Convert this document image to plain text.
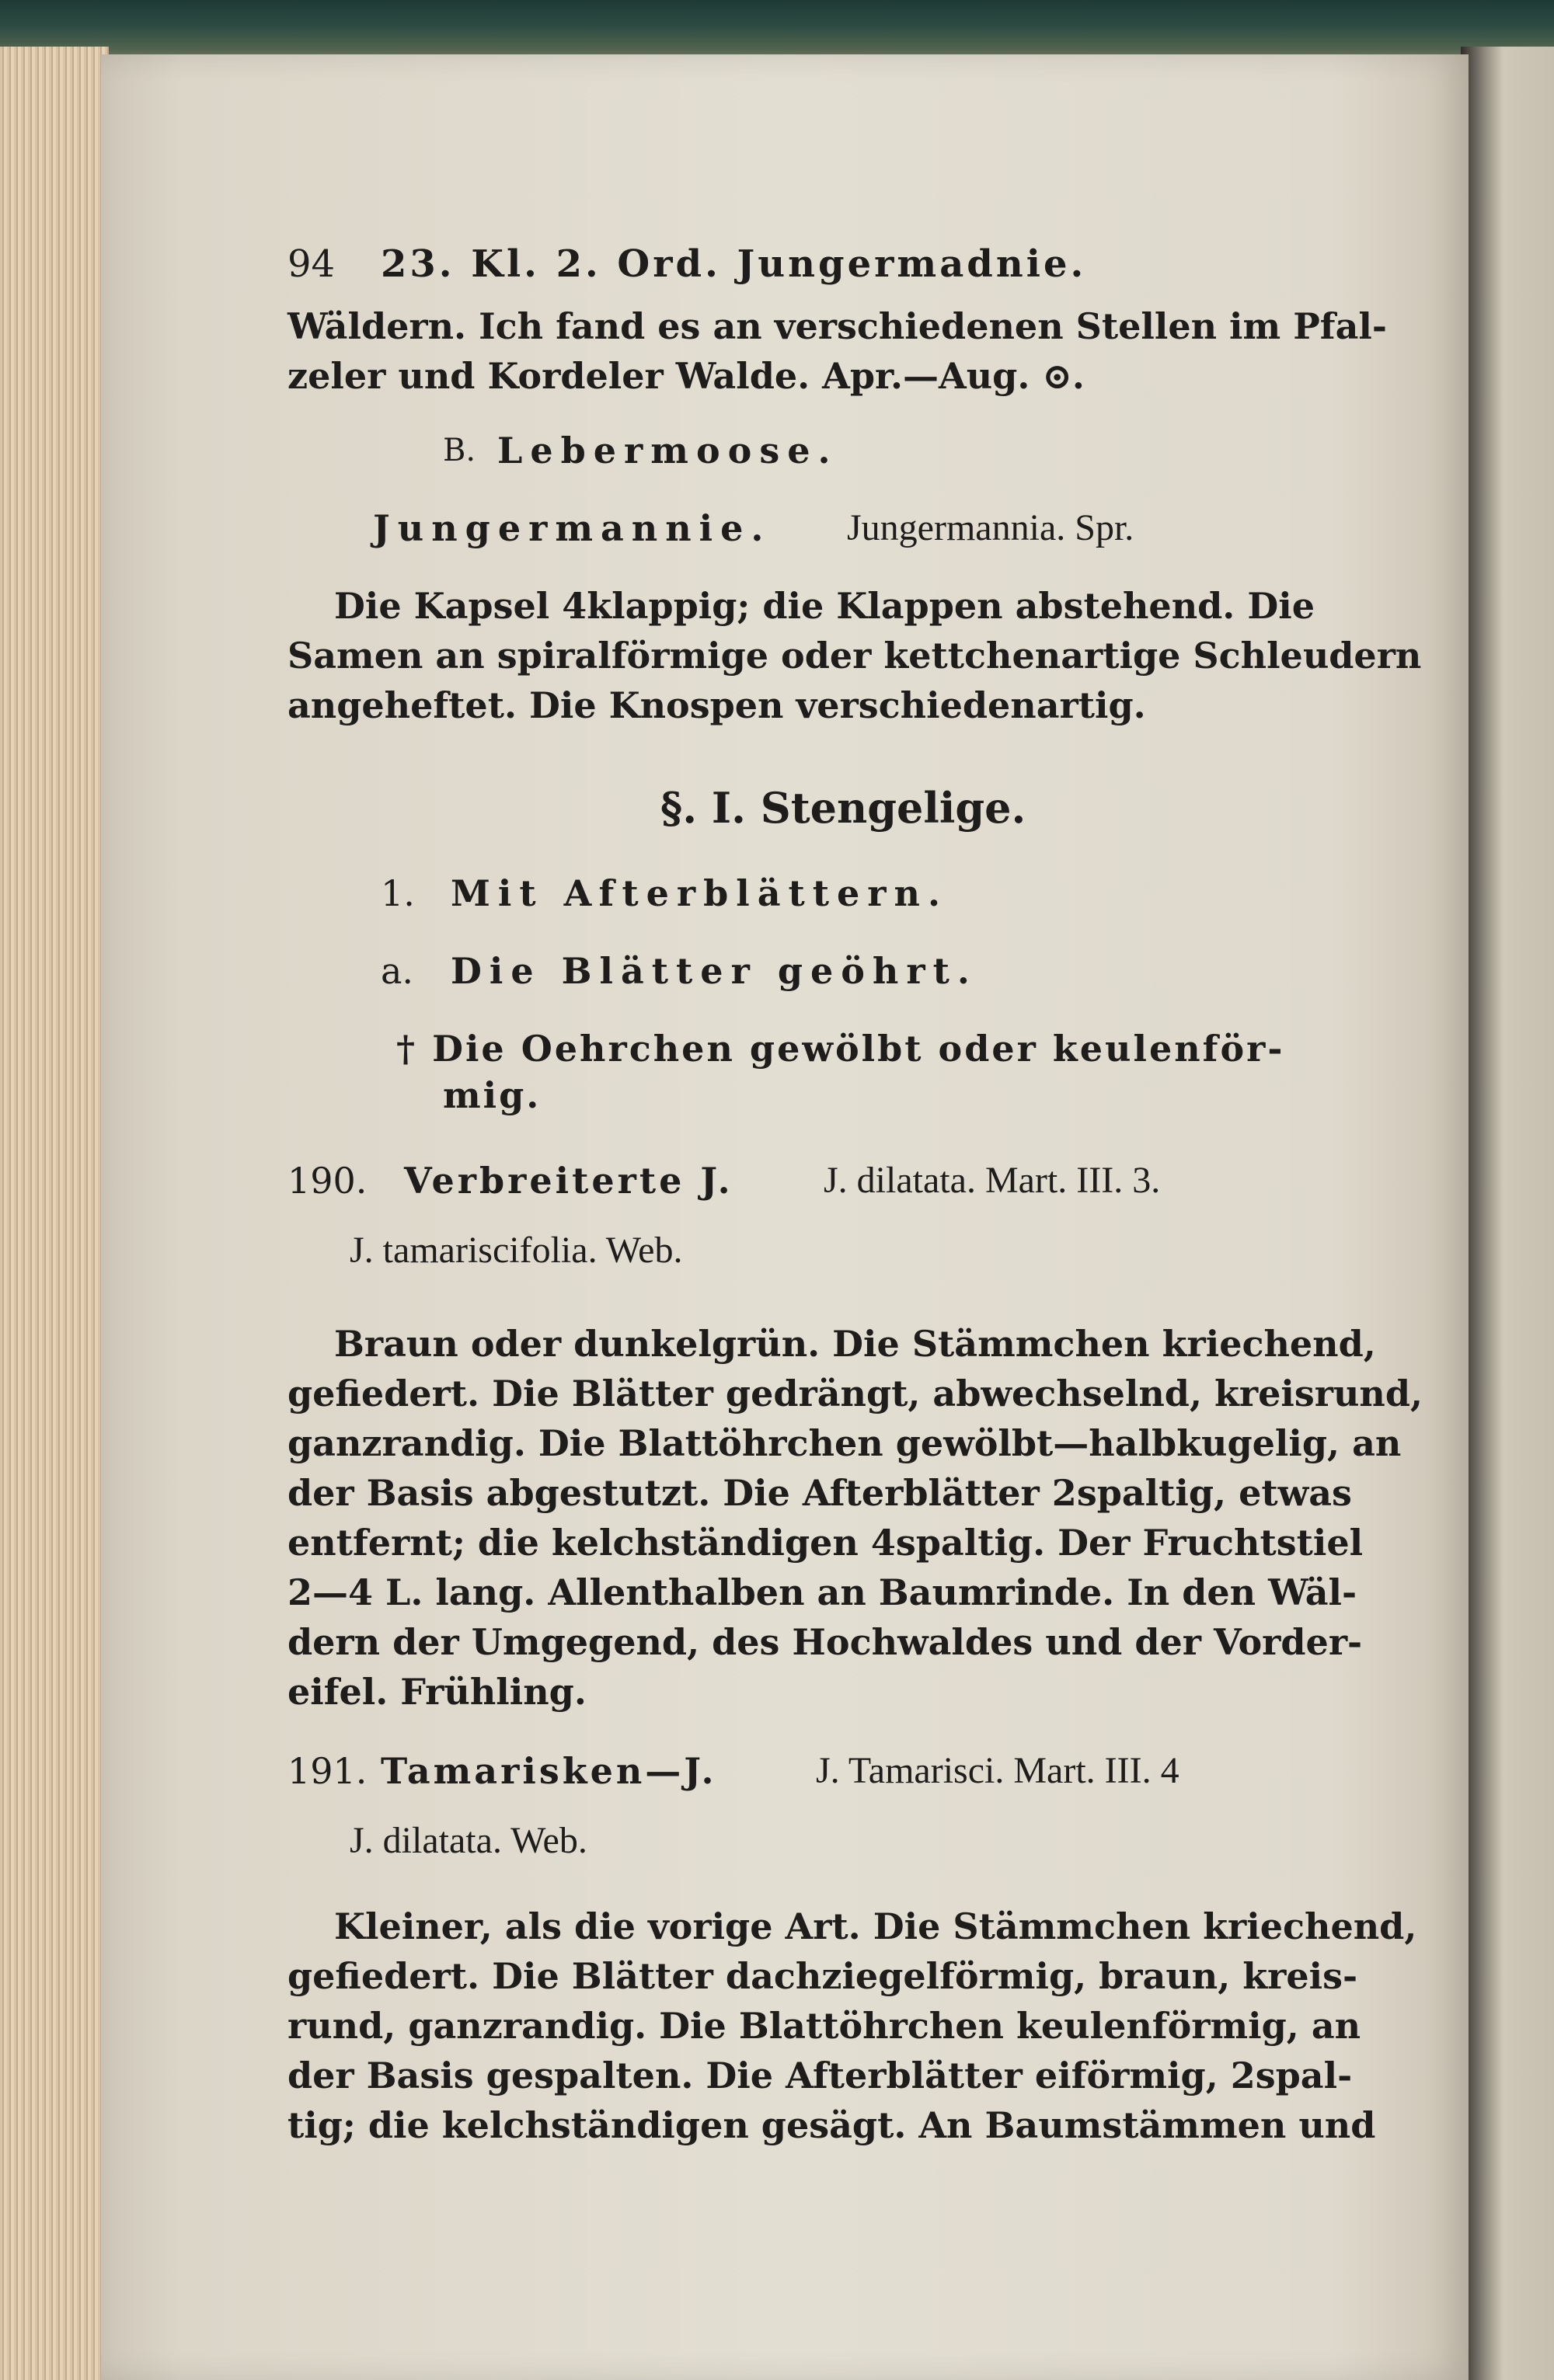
94 23. Kl. 2. Ord. Jungermadnie.
Wäldern. Ich fand es an verschiedenen Stellen im Pfal-
zeler und Kordeler Walde. Apr.—Aug. ⊙.
B. Lebermoose.
Jungermannie. Jungermannia. Spr.
Die Kapsel 4klappig; die Klappen abstehend. Die
Samen an spiralförmige oder kettchenartige Schleudern
angeheftet. Die Knospen verschiedenartig.
§. I. Stengelige.
1. Mit Afterblättern.
a. Die Blätter geöhrt.
† Die Oehrchen gewölbt oder keulenför-
mig.
190. Verbreiterte J. J. dilatata. Mart. III. 3.
J. tamariscifolia. Web.
Braun oder dunkelgrün. Die Stämmchen kriechend,
gefiedert. Die Blätter gedrängt, abwechselnd, kreisrund,
ganzrandig. Die Blattöhrchen gewölbt—halbkugelig, an
der Basis abgestutzt. Die Afterblätter 2spaltig, etwas
entfernt; die kelchständigen 4spaltig. Der Fruchtstiel
2—4 L. lang. Allenthalben an Baumrinde. In den Wäl-
dern der Umgegend, des Hochwaldes und der Vorder-
eifel. Frühling.
191. Tamarisken—J.	J. Tamarisci. Mart. III. 4
J. dilatata. Web.
Kleiner, als die vorige Art. Die Stämmchen kriechend,
gefiedert. Die Blätter dachziegelförmig, braun, kreis-
rund, ganzrandig. Die Blattöhrchen keulenförmig, an
der Basis gespalten. Die Afterblätter eiförmig, 2spal-
tig; die kelchständigen gesägt. An Baumstämmen und
